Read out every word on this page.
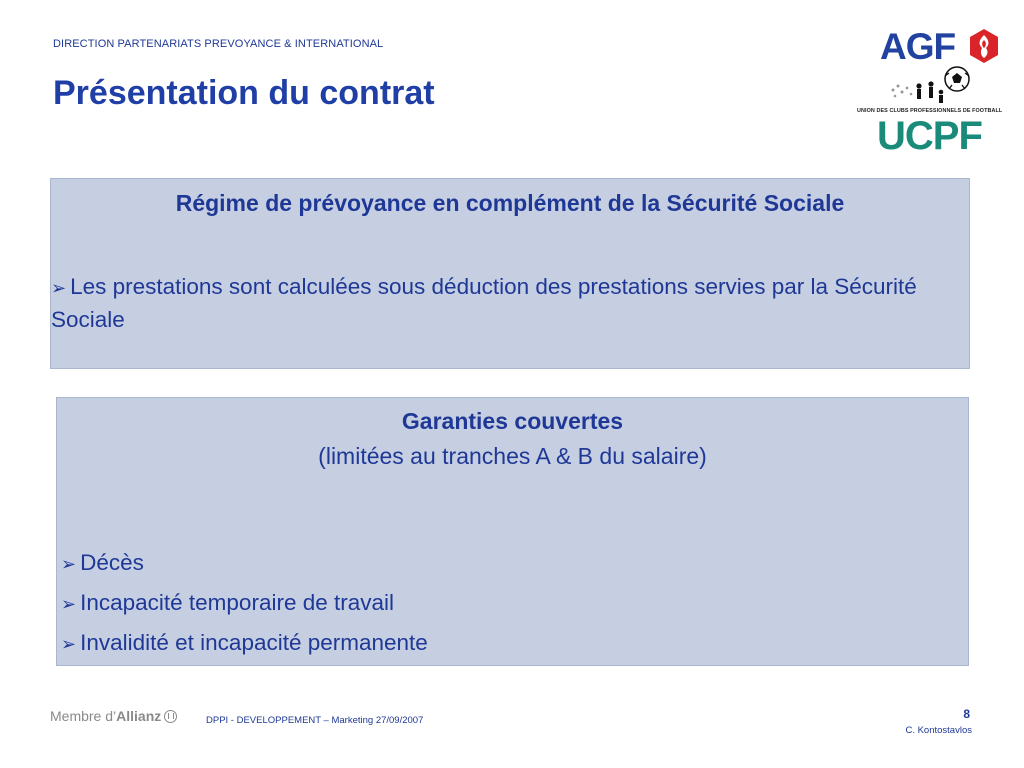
DIRECTION PARTENARIATS PREVOYANCE & INTERNATIONAL
Présentation du contrat
AGF
UNION DES CLUBS PROFESSIONNELS DE FOOTBALL
UCPF
Régime de prévoyance en complément de la Sécurité Sociale
➢ Les prestations sont calculées sous déduction des prestations servies par la Sécurité Sociale
Garanties couvertes
(limitées au tranches A & B du salaire)
➢ Décès
➢ Incapacité temporaire de travail
➢ Invalidité et incapacité permanente
Membre d’Allianz	DPPI - DEVELOPPEMENT – Marketing 27/09/2007	8
C. Kontostavlos
